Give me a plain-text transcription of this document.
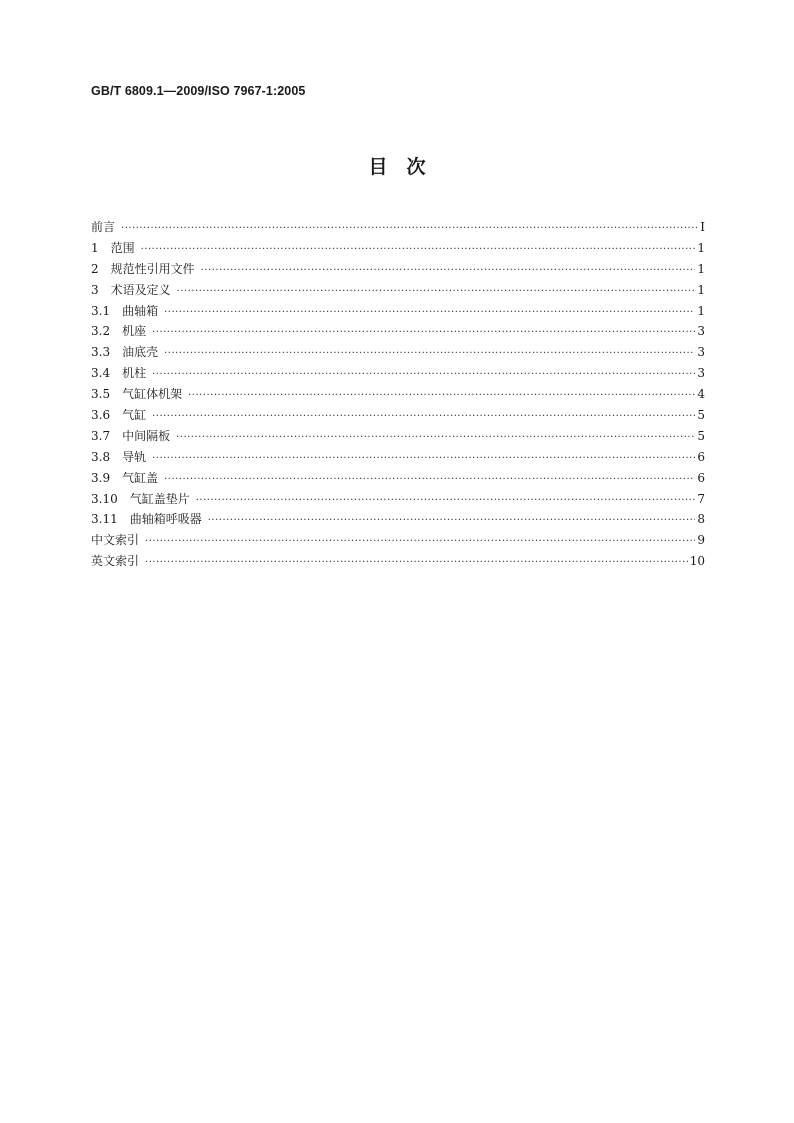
GB/T 6809.1—2009/ISO 7967-1:2005
目　次
前言 ·····	Ⅰ
1　范围 ·····	1
2　规范性引用文件 ·····	1
3　术语及定义 ·····	1
3.1　曲轴箱 ·····	1
3.2　机座 ·····	3
3.3　油底壳 ·····	3
3.4　机柱 ·····	3
3.5　气缸体机架 ·····	4
3.6　气缸 ·····	5
3.7　中间隔板 ·····	5
3.8　导轨 ·····	6
3.9　气缸盖 ·····	6
3.10　气缸盖垫片 ·····	7
3.11　曲轴箱呼吸器 ·····	8
中文索引 ·····	9
英文索引 ·····	10
